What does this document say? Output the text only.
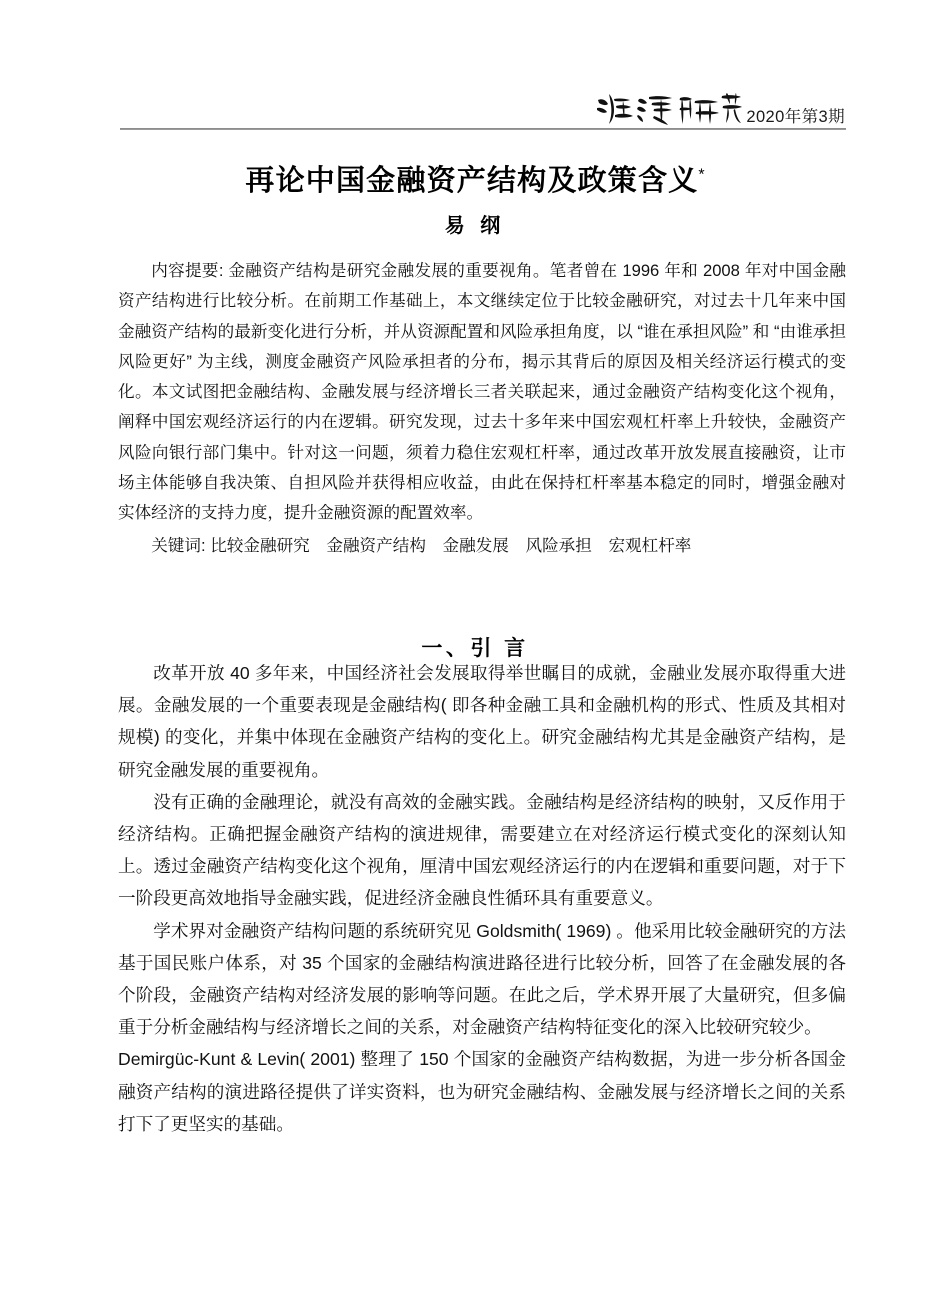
2020年第3期
再论中国金融资产结构及政策含义*
易 纲

内容提要: 金融资产结构是研究金融发展的重要视角。笔者曾在 1996 年和 2008 年对中国金融资产结构进行比较分析。在前期工作基础上，本文继续定位于比较金融研究，对过去十几年来中国金融资产结构的最新变化进行分析，并从资源配置和风险承担角度，以 “谁在承担风险” 和 “由谁承担风险更好” 为主线，测度金融资产风险承担者的分布，揭示其背后的原因及相关经济运行模式的变化。本文试图把金融结构、金融发展与经济增长三者关联起来，通过金融资产结构变化这个视角，阐释中国宏观经济运行的内在逻辑。研究发现，过去十多年来中国宏观杠杆率上升较快，金融资产风险向银行部门集中。针对这一问题，须着力稳住宏观杠杆率，通过改革开放发展直接融资，让市场主体能够自我决策、自担风险并获得相应收益，由此在保持杠杆率基本稳定的同时，增强金融对实体经济的支持力度，提升金融资源的配置效率。

关键词: 比较金融研究　金融资产结构　金融发展　风险承担　宏观杠杆率

一、引 言

改革开放 40 多年来，中国经济社会发展取得举世瞩目的成就，金融业发展亦取得重大进展。金融发展的一个重要表现是金融结构( 即各种金融工具和金融机构的形式、性质及其相对规模) 的变化，并集中体现在金融资产结构的变化上。研究金融结构尤其是金融资产结构，是研究金融发展的重要视角。

没有正确的金融理论，就没有高效的金融实践。金融结构是经济结构的映射，又反作用于经济结构。正确把握金融资产结构的演进规律，需要建立在对经济运行模式变化的深刻认知上。透过金融资产结构变化这个视角，厘清中国宏观经济运行的内在逻辑和重要问题，对于下一阶段更高效地指导金融实践，促进经济金融良性循环具有重要意义。

学术界对金融资产结构问题的系统研究见 Goldsmith( 1969) 。他采用比较金融研究的方法基于国民账户体系，对 35 个国家的金融结构演进路径进行比较分析，回答了在金融发展的各个阶段，金融资产结构对经济发展的影响等问题。在此之后，学术界开展了大量研究，但多偏重于分析金融结构与经济增长之间的关系，对金融资产结构特征变化的深入比较研究较少。

Demirgüc-Kunt & Levin( 2001) 整理了 150 个国家的金融资产结构数据，为进一步分析各国金融资产结构的演进路径提供了详实资料，也为研究金融结构、金融发展与经济增长之间的关系打下了更坚实的基础。
